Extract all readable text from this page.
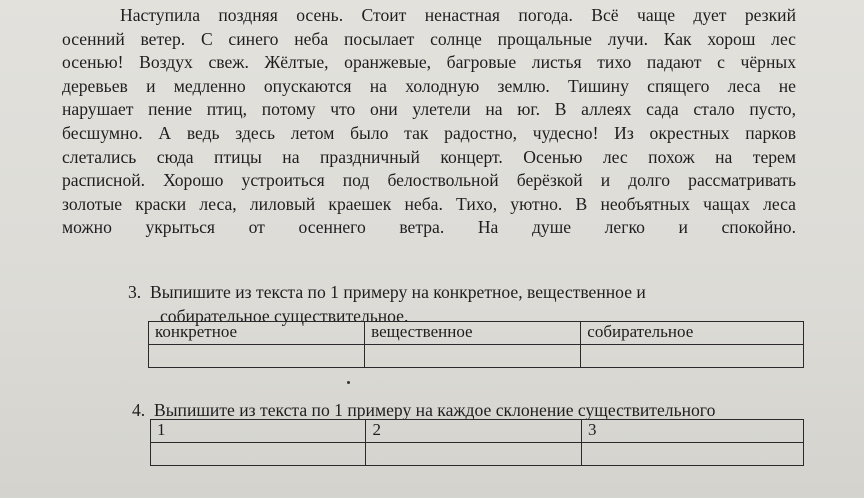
Наступила поздняя осень. Стоит ненастная погода. Всё чаще дует резкий
осенний ветер. С синего неба посылает солнце прощальные лучи. Как хорош лес
осенью! Воздух свеж. Жёлтые, оранжевые, багровые листья тихо падают с чёрных
деревьев и медленно опускаются на холодную землю. Тишину спящего леса не
нарушает пение птиц, потому что они улетели на юг. В аллеях сада стало пусто,
бесшумно. А ведь здесь летом было так радостно, чудесно! Из окрестных парков
слетались сюда птицы на праздничный концерт. Осенью лес похож на терем
расписной. Хорошо устроиться под белоствольной берёзкой и долго рассматривать
золотые краски леса, лиловый краешек неба. Тихо, уютно. В необъятных чащах леса
можно укрыться от осеннего ветра. На душе легко и спокойно.
3. Выпишите из текста по 1 примеру на конкретное, вещественное и
собирательное существительное.
конкретное	вещественное	собирательное

4. Выпишите из текста по 1 примеру на каждое склонение существительного
1	2	3
